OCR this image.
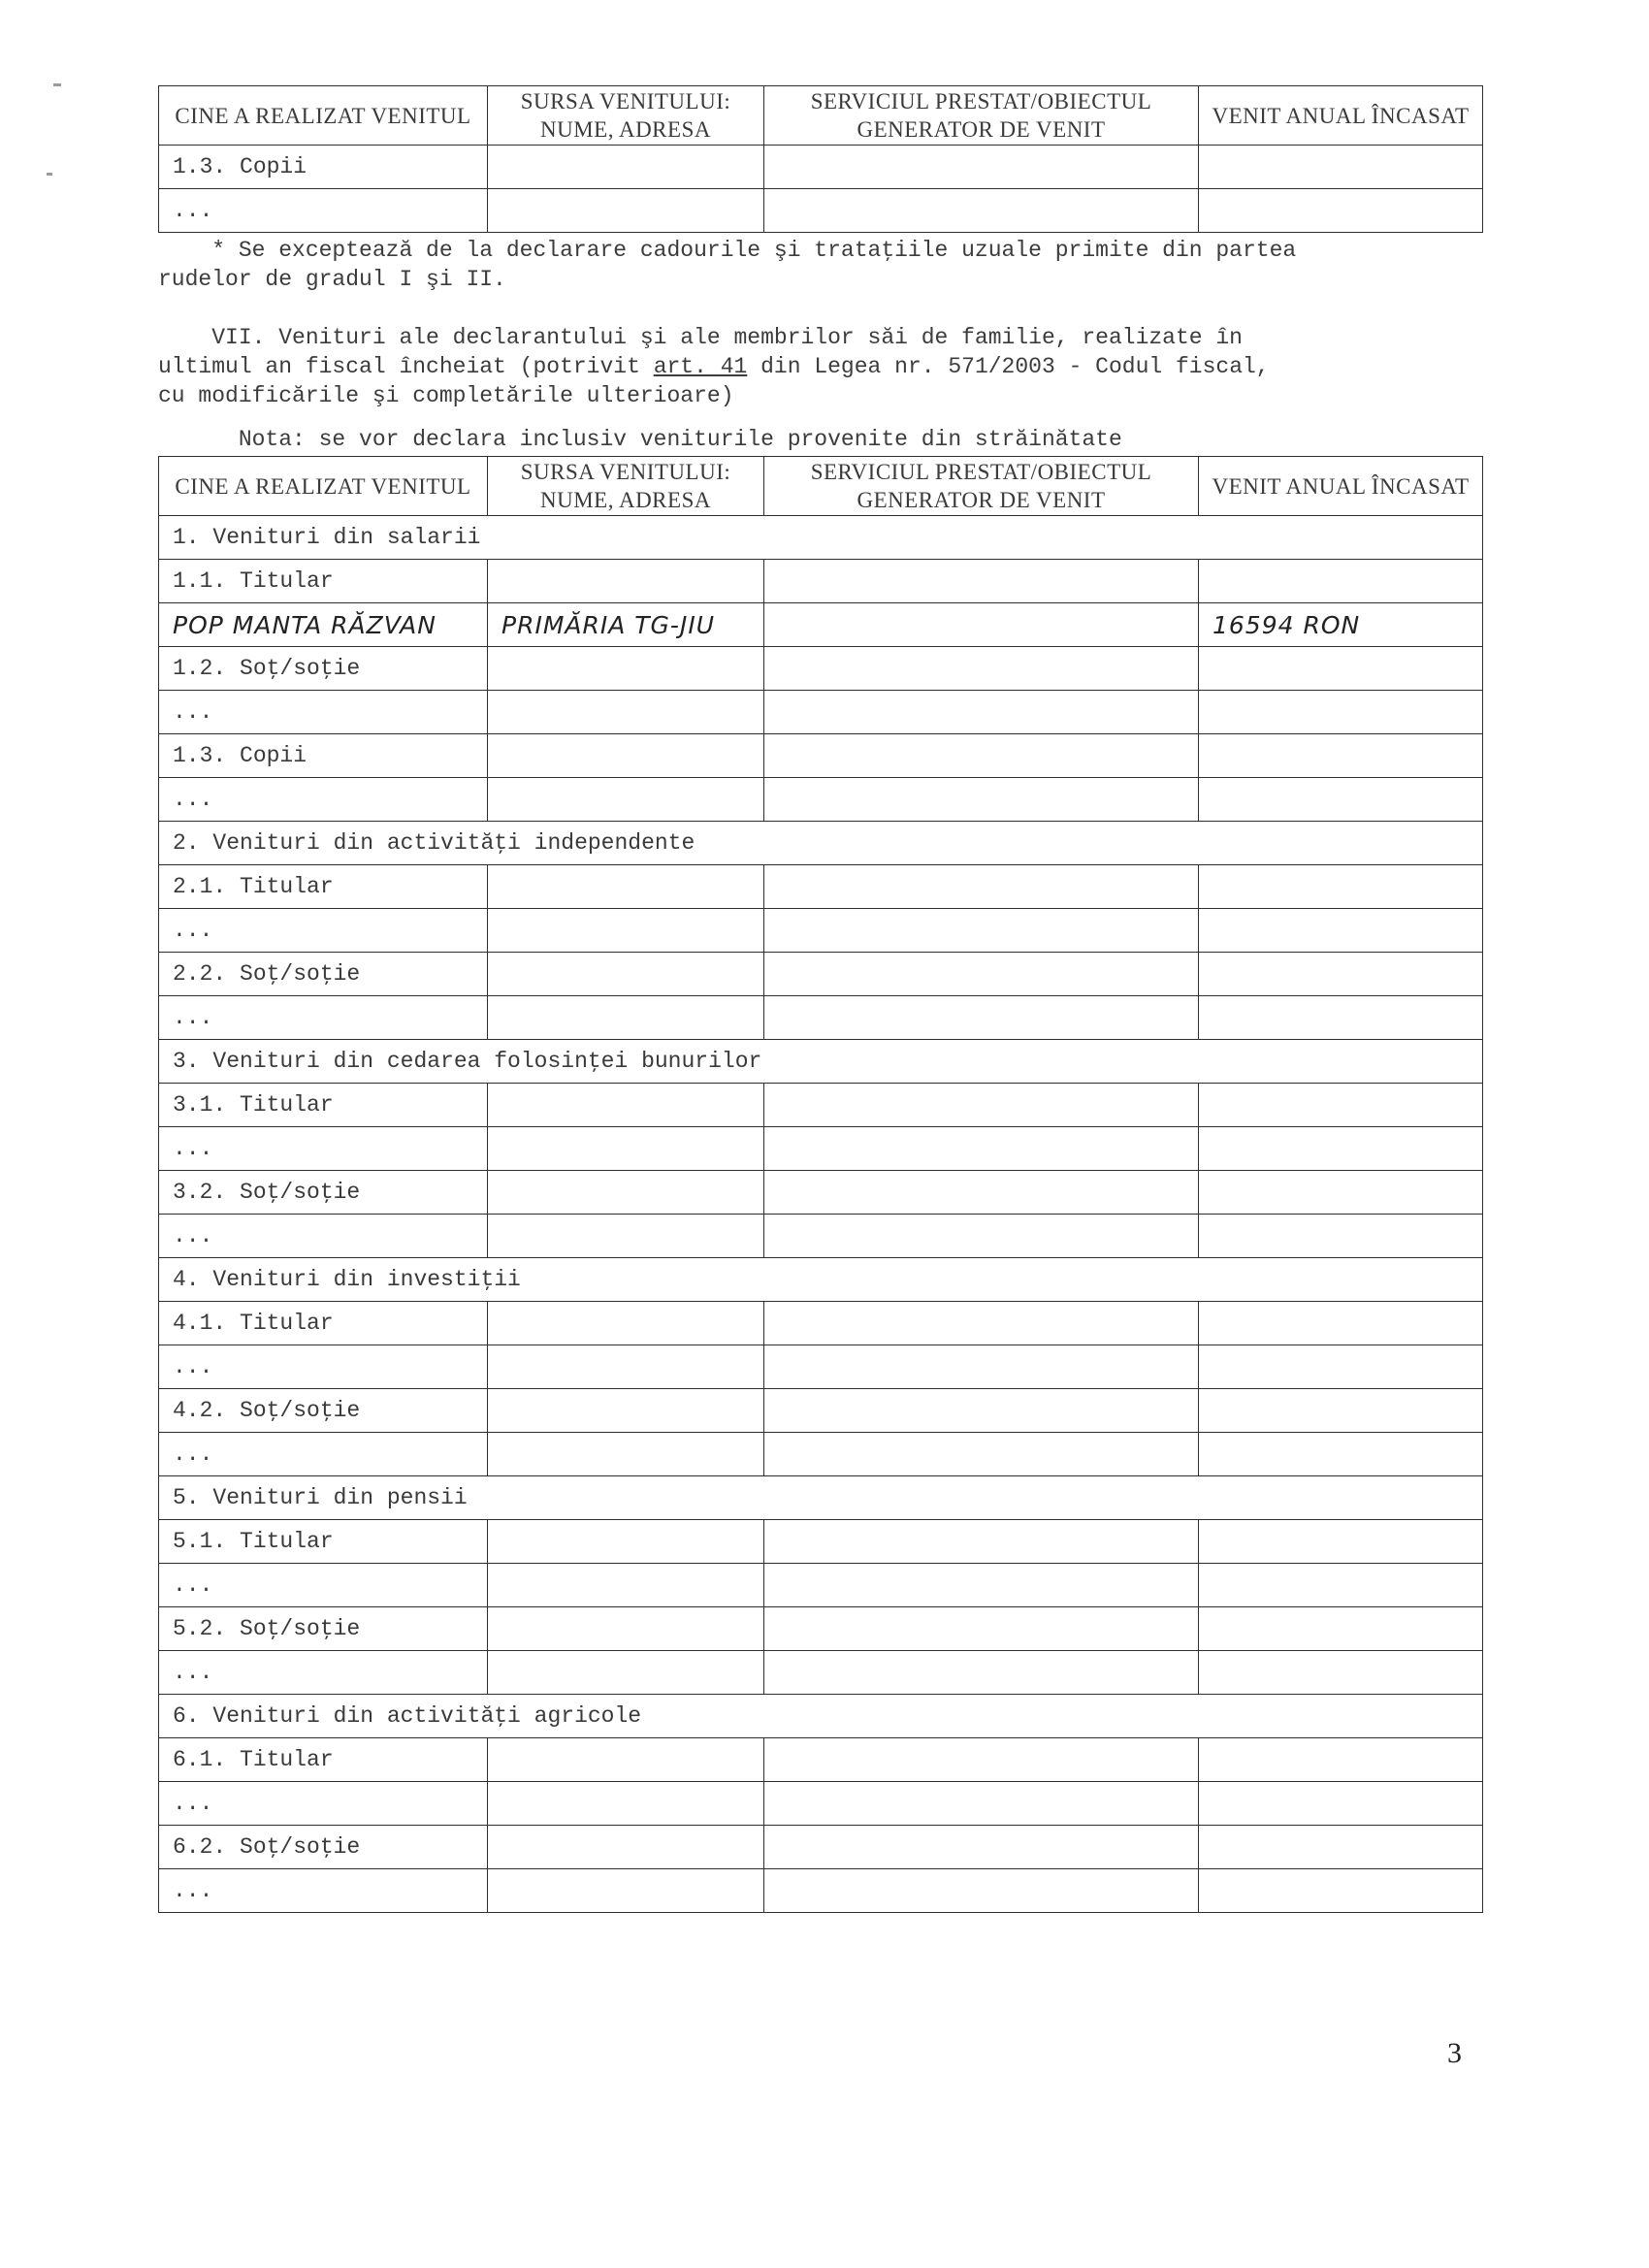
CINE A REALIZAT VENITUL	SURSA VENITULUI: NUME, ADRESA	SERVICIUL PRESTAT/OBIECTUL GENERATOR DE VENIT	VENIT ANUAL ÎNCASAT
1.3. Copii			
...			

* Se exceptează de la declarare cadourile şi trataţiile uzuale primite din partea

rudelor de gradul I şi II.

VII. Venituri ale declarantului şi ale membrilor săi de familie, realizate în

ultimul an fiscal încheiat (potrivit art. 41 din Legea nr. 571/2003 - Codul fiscal,

cu modificările şi completările ulterioare)

Nota: se vor declara inclusiv veniturile provenite din străinătate

CINE A REALIZAT VENITUL	SURSA VENITULUI: NUME, ADRESA	SERVICIUL PRESTAT/OBIECTUL GENERATOR DE VENIT	VENIT ANUAL ÎNCASAT
1. Venituri din salarii			
1.1. Titular			
POP MANTA RĂZVAN	PRIMĂRIA TG-JIU		16594 RON
1.2. Soţ/soţie			
...			
1.3. Copii			
...			
2. Venituri din activităţi independente			
2.1. Titular			
...			
2.2. Soţ/soţie			
...			
3. Venituri din cedarea folosinţei bunurilor			
3.1. Titular			
...			
3.2. Soţ/soţie			
...			
4. Venituri din investiţii			
4.1. Titular			
...			
4.2. Soţ/soţie			
...			
5. Venituri din pensii			
5.1. Titular			
...			
5.2. Soţ/soţie			
...			
6. Venituri din activităţi agricole			
6.1. Titular			
...			
6.2. Soţ/soţie			
...			
3
